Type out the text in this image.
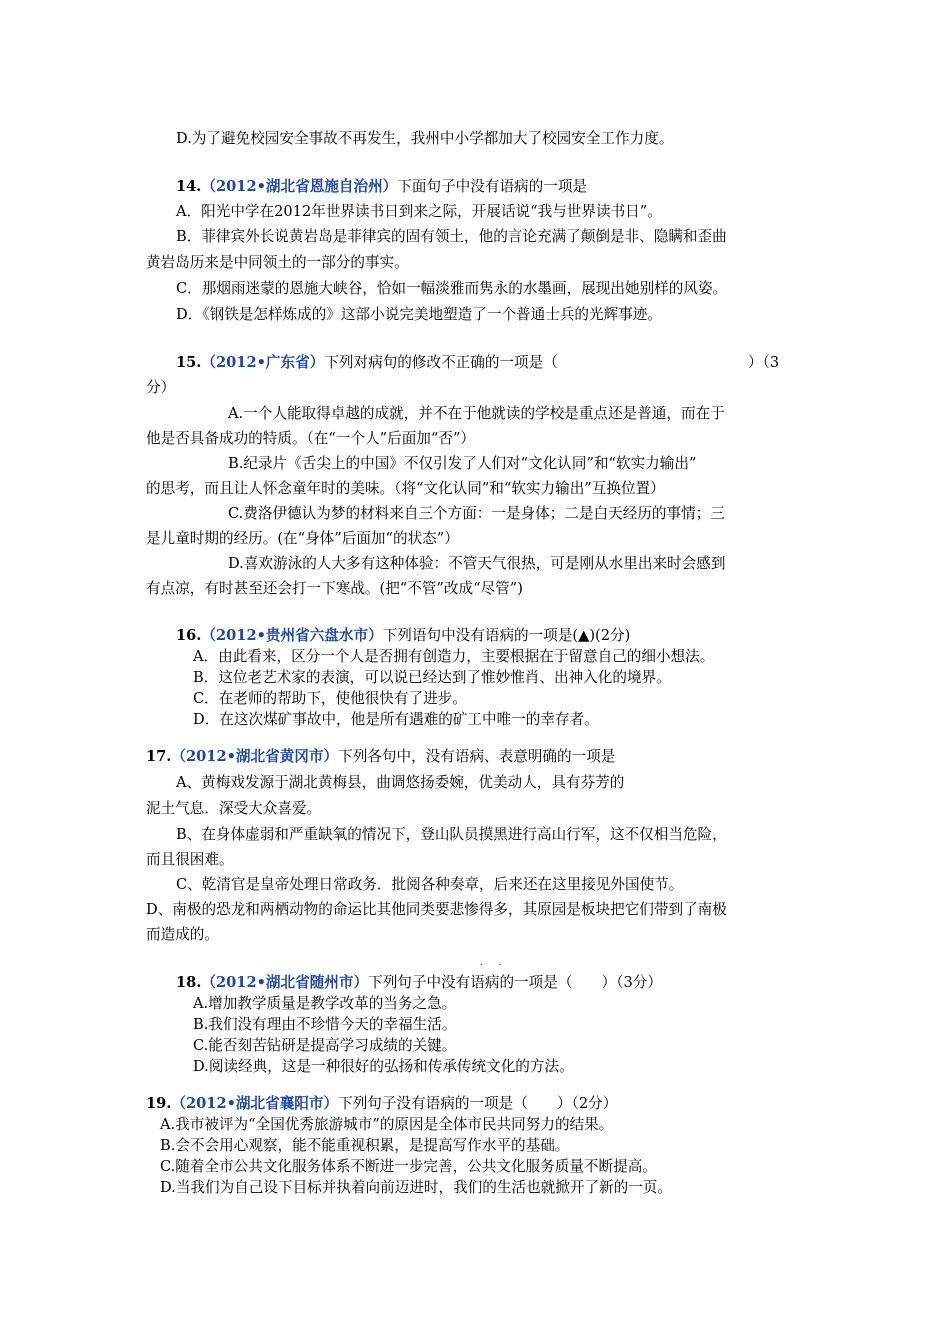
D.为了避免校园安全事故不再发生，我州中小学都加大了校园安全工作力度。
14.（2012•湖北省恩施自治州）下面句子中没有语病的一项是
A．阳光中学在2012年世界读书日到来之际，开展话说“我与世界读书日”。
B．菲律宾外长说黄岩岛是菲律宾的固有领土，他的言论充满了颠倒是非、隐瞒和歪曲
黄岩岛历来是中同领土的一部分的事实。
C．那烟雨迷蒙的恩施大峡谷，恰如一幅淡雅而隽永的水墨画，展现出她别样的风姿。
D．《钢铁是怎样炼成的》这部小说完美地塑造了一个普通士兵的光辉事迹。
15.（2012•广东省）下列对病句的修改不正确的一项是（	）（3
分）
A.一个人能取得卓越的成就，并不在于他就读的学校是重点还是普通，而在于
他是否具备成功的特质。（在“一个人”后面加“否”）
B.纪录片《舌尖上的中国》不仅引发了人们对“文化认同”和“软实力输出”
的思考，而且让人怀念童年时的美味。（将“文化认同”和“软实力输出”互换位置）
C.费洛伊德认为梦的材料来自三个方面：一是身体；二是白天经历的事情；三
是儿童时期的经历。(在“身体”后面加“的状态”）
D.喜欢游泳的人大多有这种体验：不管天气很热，可是刚从水里出来时会感到
有点凉，有时甚至还会打一下寒战。(把“不管”改成“尽管”)
16.（2012•贵州省六盘水市）下列语句中没有语病的一项是(▲)(2分)
A．由此看来，区分一个人是否拥有创造力，主要根据在于留意自己的细小想法。
B．这位老艺术家的表演，可以说已经达到了惟妙惟肖、出神入化的境界。
C．在老师的帮助下，使他很快有了进步。
D．在这次煤矿事故中，他是所有遇难的矿工中唯一的幸存者。
17.（2012•湖北省黄冈市）下列各句中，没有语病、表意明确的一项是
A、黄梅戏发源于湖北黄梅县，曲调悠扬委婉，优美动人，具有芬芳的
泥土气息．深受大众喜爱。
B、在身体虚弱和严重缺氧的情况下，登山队员摸黑进行高山行军，这不仅相当危险，
而且很困难。
C、乾清官是皇帝处理日常政务．批阅各种奏章，后来还在这里接见外国使节。
D、南极的恐龙和两栖动物的命运比其他同类要悲惨得多，其原园是板块把它们带到了南极
而造成的。
· ·
18.（2012•湖北省随州市）下列句子中没有语病的一项是（　　）（3分）
A.增加教学质量是教学改革的当务之急。
B.我们没有理由不珍惜今天的幸福生活。
C.能否刻苦钻研是提高学习成绩的关键。
D.阅读经典，这是一种很好的弘扬和传承传统文化的方法。
19.（2012•湖北省襄阳市）下列句子没有语病的一项是（　　）（2分）
A.我市被评为“全国优秀旅游城市”的原因是全体市民共同努力的结果。
B.会不会用心观察，能不能重视积累，是提高写作水平的基础。
C.随着全市公共文化服务体系不断进一步完善，公共文化服务质量不断提高。
D.当我们为自己设下目标并执着向前迈进时，我们的生活也就掀开了新的一页。
